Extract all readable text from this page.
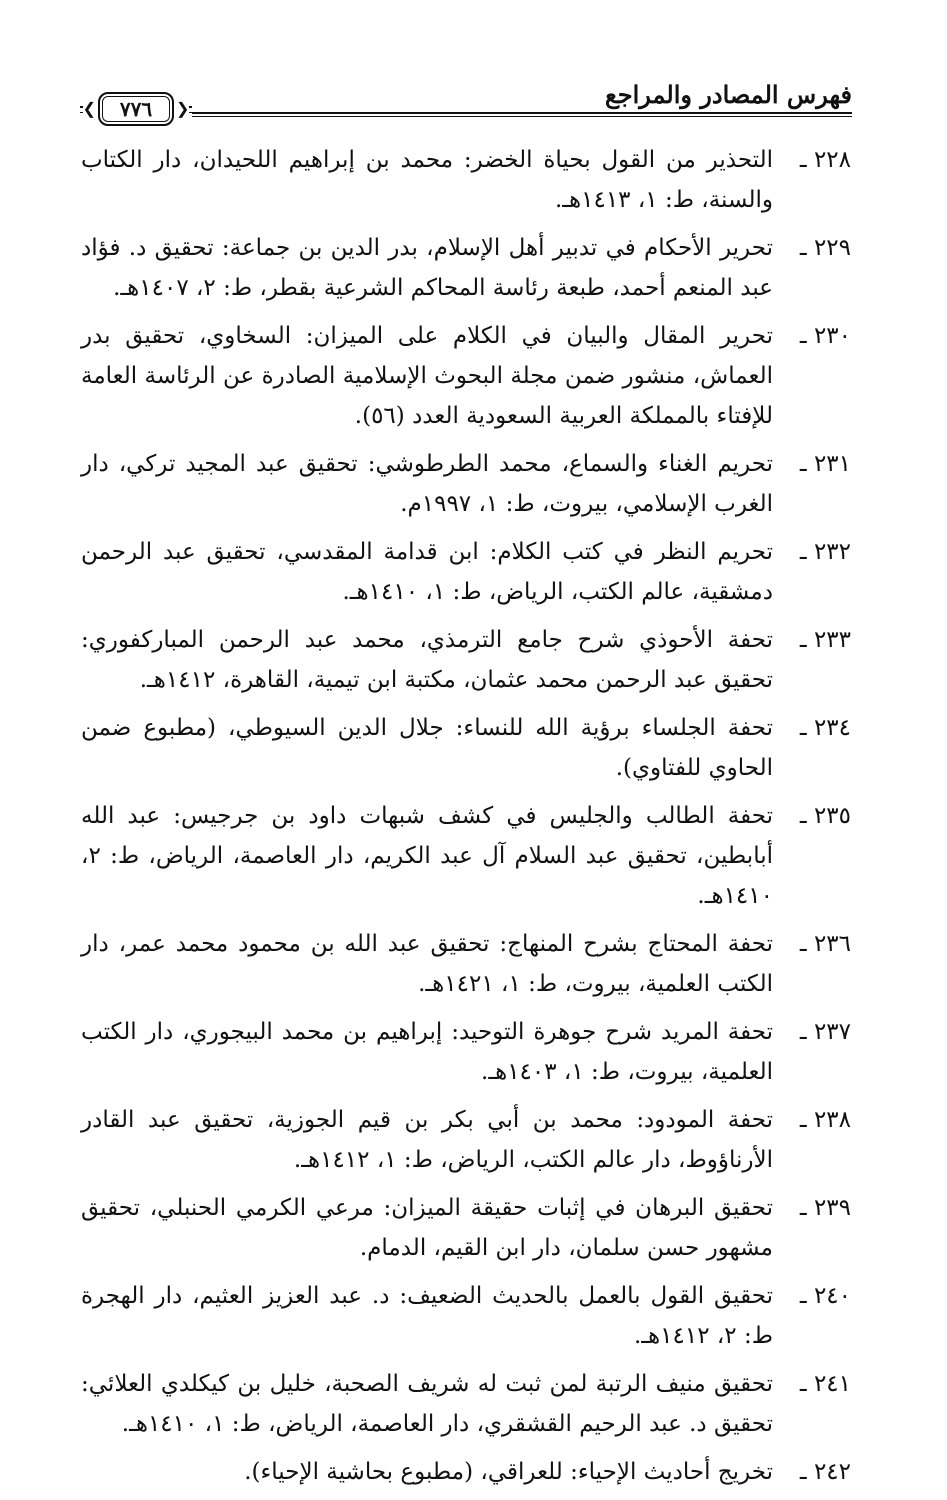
فهرس المصادر والمراجع
❮	٧٧٦	❯
٢٢٨ ـ
التحذير من القول بحياة الخضر: محمد بن إبراهيم اللحيدان، دار الكتاب والسنة، ط: ١، ١٤١٣هـ.
٢٢٩ ـ
تحرير الأحكام في تدبير أهل الإسلام، بدر الدين بن جماعة: تحقيق د. فؤاد عبد المنعم أحمد، طبعة رئاسة المحاكم الشرعية بقطر، ط: ٢، ١٤٠٧هـ.
٢٣٠ ـ
تحرير المقال والبيان في الكلام على الميزان: السخاوي، تحقيق بدر العماش، منشور ضمن مجلة البحوث الإسلامية الصادرة عن الرئاسة العامة للإفتاء بالمملكة العربية السعودية العدد (٥٦).
٢٣١ ـ
تحريم الغناء والسماع، محمد الطرطوشي: تحقيق عبد المجيد تركي، دار الغرب الإسلامي، بيروت، ط: ١، ١٩٩٧م.
٢٣٢ ـ
تحريم النظر في كتب الكلام: ابن قدامة المقدسي، تحقيق عبد الرحمن دمشقية، عالم الكتب، الرياض، ط: ١، ١٤١٠هـ.
٢٣٣ ـ
تحفة الأحوذي شرح جامع الترمذي، محمد عبد الرحمن المباركفوري: تحقيق عبد الرحمن محمد عثمان، مكتبة ابن تيمية، القاهرة، ١٤١٢هـ.
٢٣٤ ـ
تحفة الجلساء برؤية الله للنساء: جلال الدين السيوطي، (مطبوع ضمن الحاوي للفتاوي).
٢٣٥ ـ
تحفة الطالب والجليس في كشف شبهات داود بن جرجيس: عبد الله أبابطين، تحقيق عبد السلام آل عبد الكريم، دار العاصمة، الرياض، ط: ٢، ١٤١٠هـ.
٢٣٦ ـ
تحفة المحتاج بشرح المنهاج: تحقيق عبد الله بن محمود محمد عمر، دار الكتب العلمية، بيروت، ط: ١، ١٤٢١هـ.
٢٣٧ ـ
تحفة المريد شرح جوهرة التوحيد: إبراهيم بن محمد البيجوري، دار الكتب العلمية، بيروت، ط: ١، ١٤٠٣هـ.
٢٣٨ ـ
تحفة المودود: محمد بن أبي بكر بن قيم الجوزية، تحقيق عبد القادر الأرناؤوط، دار عالم الكتب، الرياض، ط: ١، ١٤١٢هـ.
٢٣٩ ـ
تحقيق البرهان في إثبات حقيقة الميزان: مرعي الكرمي الحنبلي، تحقيق مشهور حسن سلمان، دار ابن القيم، الدمام.
٢٤٠ ـ
تحقيق القول بالعمل بالحديث الضعيف: د. عبد العزيز العثيم، دار الهجرة ط: ٢، ١٤١٢هـ.
٢٤١ ـ
تحقيق منيف الرتبة لمن ثبت له شريف الصحبة، خليل بن كيكلدي العلائي: تحقيق د. عبد الرحيم القشقري، دار العاصمة، الرياض، ط: ١، ١٤١٠هـ.
٢٤٢ ـ
تخريج أحاديث الإحياء: للعراقي، (مطبوع بحاشية الإحياء).
